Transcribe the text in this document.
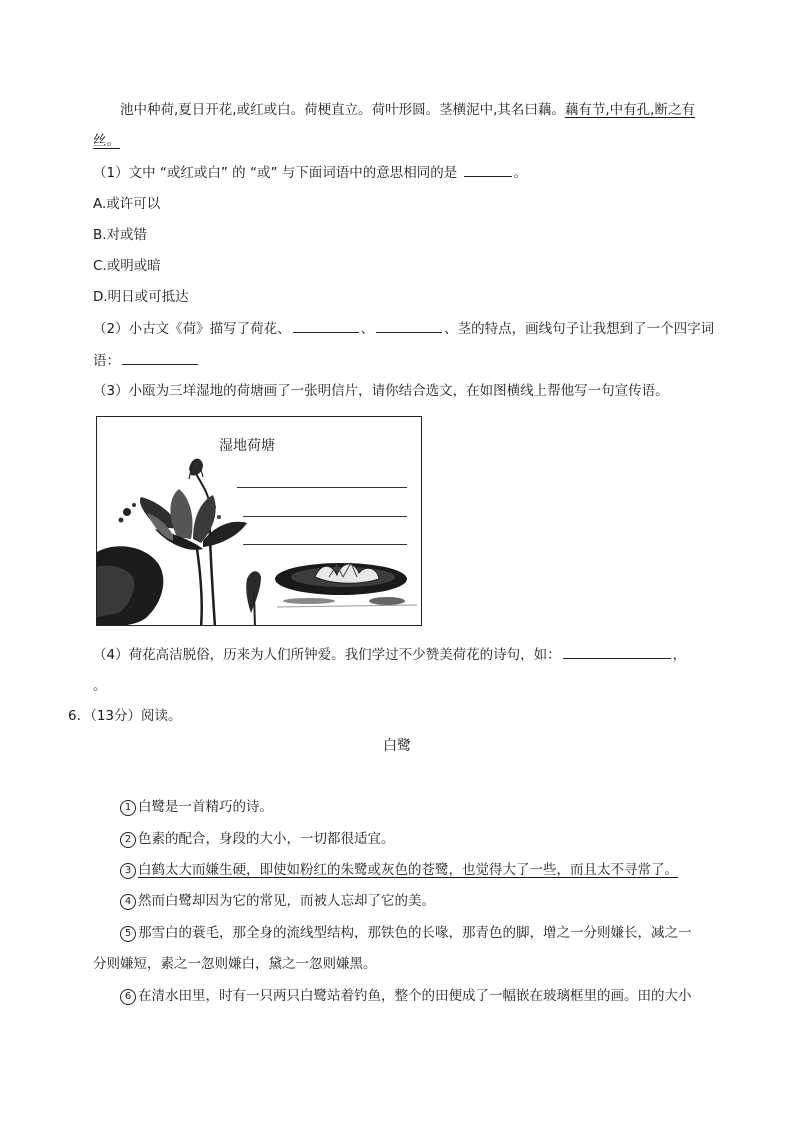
池中种荷,夏日开花,或红或白。荷梗直立。荷叶形圆。茎横泥中,其名曰藕。藕有节,中有孔,断之有
丝。
（1）文中 “或红或白” 的 “或” 与下面词语中的意思相同的是	。
A.或许可以
B.对或错
C.或明或暗
D.明日或可抵达
（2）小古文《荷》描写了荷花、	、	、茎的特点，画线句子让我想到了一个四字词
语：
（3）小瓯为三垟湿地的荷塘画了一张明信片，请你结合选文，在如图横线上帮他写一句宣传语。
湿地荷塘
（4）荷花高洁脱俗，历来为人们所钟爱。我们学过不少赞美荷花的诗句，如：	，
。
6．（13分）阅读。
白鹭
1 白鹭是一首精巧的诗。
2 色素的配合，身段的大小，一切都很适宜。
3 白鹤太大而嫌生硬，即使如粉红的朱鹭或灰色的苍鹭，也觉得大了一些，而且太不寻常了。
4 然而白鹭却因为它的常见，而被人忘却了它的美。
5 那雪白的蓑毛，那全身的流线型结构，那铁色的长喙，那青色的脚，增之一分则嫌长，减之一
分则嫌短，素之一忽则嫌白，黛之一忽则嫌黑。
6 在清水田里，时有一只两只白鹭站着钓鱼，整个的田便成了一幅嵌在玻璃框里的画。田的大小
